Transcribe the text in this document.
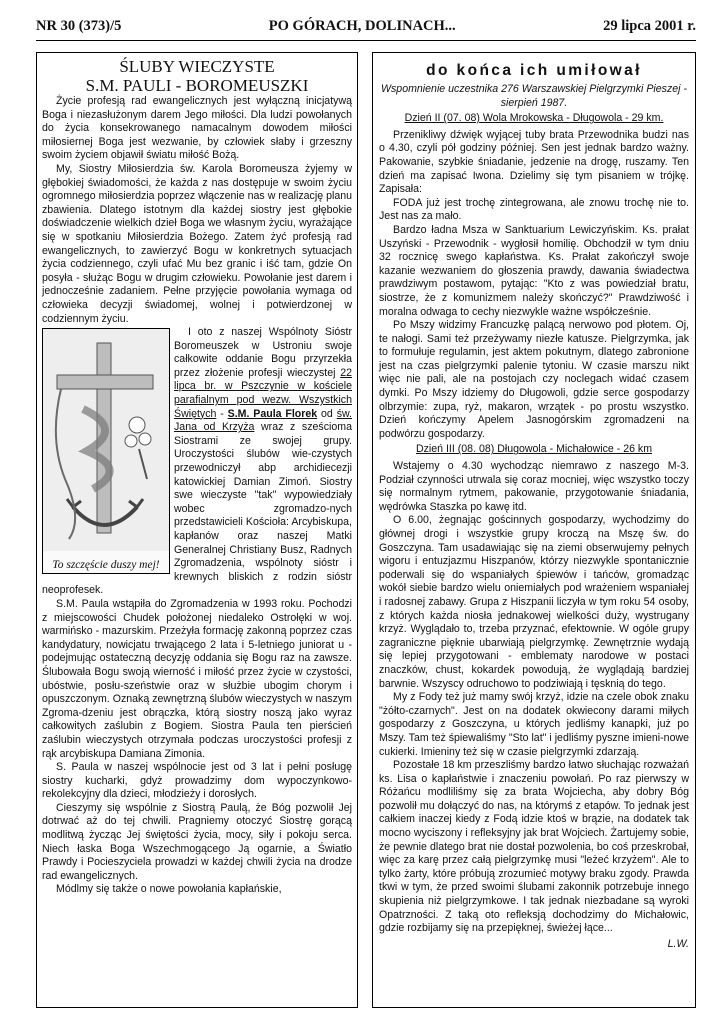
NR 30 (373)/5	PO GÓRACH, DOLINACH...	29 lipca 2001 r.
ŚLUBY WIECZYSTE
S.M. PAULI - BOROMEUSZKI

Życie profesją rad ewangelicznych jest wyłączną inicjatywą Boga i niezasłużonym darem Jego miłości. Dla ludzi powołanych do życia konsekrowanego namacalnym dowodem miłości miłosiernej Boga jest wezwanie, by człowiek słaby i grzeszny swoim życiem objawił światu miłość Bożą.

My, Siostry Miłosierdzia św. Karola Boromeusza żyjemy w głębokiej świadomości, że każda z nas dostępuje w swoim życiu ogromnego miłosierdzia poprzez włączenie nas w realizację planu zbawienia. Dlatego istotnym dla każdej siostry jest głębokie doświadczenie wielkich dzieł Boga we własnym życiu, wyrażające się w spotkaniu Miłosierdzia Bożego. Zatem żyć profesją rad ewangelicznych, to zawierzyć Bogu w konkretnych sytuacjach życia codziennego, czyli ufać Mu bez granic i iść tam, gdzie On posyła - służąc Bogu w drugim człowieku. Powołanie jest darem i jednocześnie zadaniem. Pełne przyjęcie powołania wymaga od człowieka decyzji świadomej, wolnej i potwierdzonej w codziennym życiu.

To szczęście duszy mej!

I oto z naszej Wspólnoty Sióstr Boromeuszek w Ustroniu swoje całkowite oddanie Bogu przyrzekła przez złożenie profesji wieczystej 22 lipca br. w Pszczynie w kościele parafialnym pod wezw. Wszystkich Świętych - S.M. Paula Florek od św. Jana od Krzyża wraz z sześcioma Siostrami ze swojej grupy. Uroczystości ślubów wie-czystych przewodniczył abp archidiecezji katowickiej Damian Zimoń. Siostry swe wieczyste "tak" wypowiedziały wobec zgromadzo-nych przedstawicieli Kościoła: Arcybiskupa, kapłanów oraz naszej Matki Generalnej Christiany Busz, Radnych Zgromadzenia, wspólnoty sióstr i krewnych bliskich z rodzin sióstr neoprofesek.

S.M. Paula wstąpiła do Zgromadzenia w 1993 roku. Pochodzi z miejscowości Chudek położonej niedaleko Ostrołęki w woj. warmińsko - mazurskim. Przeżyła formację zakonną poprzez czas kandydatury, nowicjatu trwającego 2 lata i 5-letniego juniorat u - podejmując ostateczną decyzję oddania się Bogu raz na zawsze. Ślubowała Bogu swoją wierność i miłość przez życie w czystości, ubóstwie, posłu-szeństwie oraz w służbie ubogim chorym i opuszczonym. Oznaką zewnętrzną ślubów wieczystych w naszym Zgroma-dzeniu jest obrączka, którą siostry noszą jako wyraz całkowitych zaślubin z Bogiem. Siostra Paula ten pierścień zaślubin wieczystych otrzymała podczas uroczystości profesji z rąk arcybiskupa Damiana Zimonia.

S. Paula w naszej wspólnocie jest od 3 lat i pełni posługę siostry kucharki, gdyż prowadzimy dom wypoczynkowo-rekolekcyjny dla dzieci, młodzieży i dorosłych.

Cieszymy się wspólnie z Siostrą Paulą, że Bóg pozwolił Jej dotrwać aż do tej chwili. Pragniemy otoczyć Siostrę gorącą modlitwą życząc Jej świętości życia, mocy, siły i pokoju serca. Niech łaska Boga Wszechmogącego Ją ogarnie, a Światło Prawdy i Pocieszyciela prowadzi w każdej chwili życia na drodze rad ewangelicznych.

Módlmy się także o nowe powołania kapłańskie,

do końca ich umiłował

Wspomnienie uczestnika 276 Warszawskiej Pielgrzymki Pieszej - sierpień 1987.

Dzień II (07. 08) Wola Mrokowska - Długowola - 29 km.

Przenikliwy dźwięk wyjącej tuby brata Przewodnika budzi nas o 4.30, czyli pół godziny później. Sen jest jednak bardzo ważny. Pakowanie, szybkie śniadanie, jedzenie na drogę, ruszamy. Ten dzień ma zapisać Iwona. Dzielimy się tym pisaniem w trójkę. Zapisała:

FODA już jest trochę zintegrowana, ale znowu trochę nie to. Jest nas za mało.

Bardzo ładna Msza w Sanktuarium Lewiczyńskim. Ks. prałat Uszyński - Przewodnik - wygłosił homilię. Obchodził w tym dniu 32 rocznicę swego kapłaństwa. Ks. Prałat zakończył swoje kazanie wezwaniem do głoszenia prawdy, dawania świadectwa prawdziwym postawom, pytając: "Kto z was powiedział bratu, siostrze, że z komunizmem należy skończyć?" Prawdziwość i moralna odwaga to cechy niezwykle ważne współcześnie.

Po Mszy widzimy Francuzkę palącą nerwowo pod płotem. Oj, te nałogi. Sami też przeżywamy niezłe katusze. Pielgrzymka, jak to formułuje regulamin, jest aktem pokutnym, dlatego zabronione jest na czas pielgrzymki palenie tytoniu. W czasie marszu nikt więc nie pali, ale na postojach czy noclegach widać czasem dymki. Po Mszy idziemy do Długowoli, gdzie serce gospodarzy olbrzymie: zupa, ryż, makaron, wrzątek - po prostu wszystko. Dzień kończymy Apelem Jasnogórskim zgromadzeni na podwórzu gospodarzy.

Dzień III (08. 08) Długowola - Michałowice - 26 km

Wstajemy o 4.30 wychodząc niemrawo z naszego M-3. Podział czynności utrwala się coraz mocniej, więc wszystko toczy się normalnym rytmem, pakowanie, przygotowanie śniadania, wędrówka Staszka po kawę itd.

O 6.00, żegnając gościnnych gospodarzy, wychodzimy do głównej drogi i wszystkie grupy kroczą na Mszę św. do Goszczyna. Tam usadawiając się na ziemi obserwujemy pełnych wigoru i entuzjazmu Hiszpanów, którzy niezwykle spontanicznie poderwali się do wspaniałych śpiewów i tańców, gromadząc wokół siebie bardzo wielu oniemiałych pod wrażeniem wspaniałej i radosnej zabawy. Grupa z Hiszpanii liczyła w tym roku 54 osoby, z których każda niosła jednakowej wielkości duży, wystrugany krzyż. Wyglądało to, trzeba przyznać, efektownie. W ogóle grupy zagraniczne pięknie ubarwiają pielgrzymkę. Zewnętrznie wydają się lepiej przygotowani - emblematy narodowe w postaci znaczków, chust, kokardek powodują, że wyglądają bardziej barwnie. Wszyscy odruchowo to podziwiają i tęsknią do tego.

My z Fody też już mamy swój krzyż, idzie na czele obok znaku "żółto-czarnych". Jest on na dodatek okwiecony darami miłych gospodarzy z Goszczyna, u których jedliśmy kanapki, już po Mszy. Tam też śpiewaliśmy "Sto lat" i jedliśmy pyszne imieni-nowe cukierki. Imieniny też się w czasie pielgrzymki zdarzają.

Pozostałe 18 km przeszliśmy bardzo łatwo słuchając rozważań ks. Lisa o kapłaństwie i znaczeniu powołań. Po raz pierwszy w Różańcu modliliśmy się za brata Wojciecha, aby dobry Bóg pozwolił mu dołączyć do nas, na którymś z etapów. To jednak jest całkiem inaczej kiedy z Fodą idzie ktoś w brązie, na dodatek tak mocno wyciszony i refleksyjny jak brat Wojciech. Żartujemy sobie, że pewnie dlatego brat nie dostał pozwolenia, bo coś przeskrobał, więc za karę przez całą pielgrzymkę musi "leżeć krzyżem". Ale to tylko żarty, które próbują zrozumieć motywy braku zgody. Prawda tkwi w tym, że przed swoimi ślubami zakonnik potrzebuje innego skupienia niż pielgrzymkowe. I tak jednak niezbadane są wyroki Opatrzności. Z taką oto refleksją dochodzimy do Michałowic, gdzie rozbijamy się na przepięknej, świeżej łące...

L.W.
